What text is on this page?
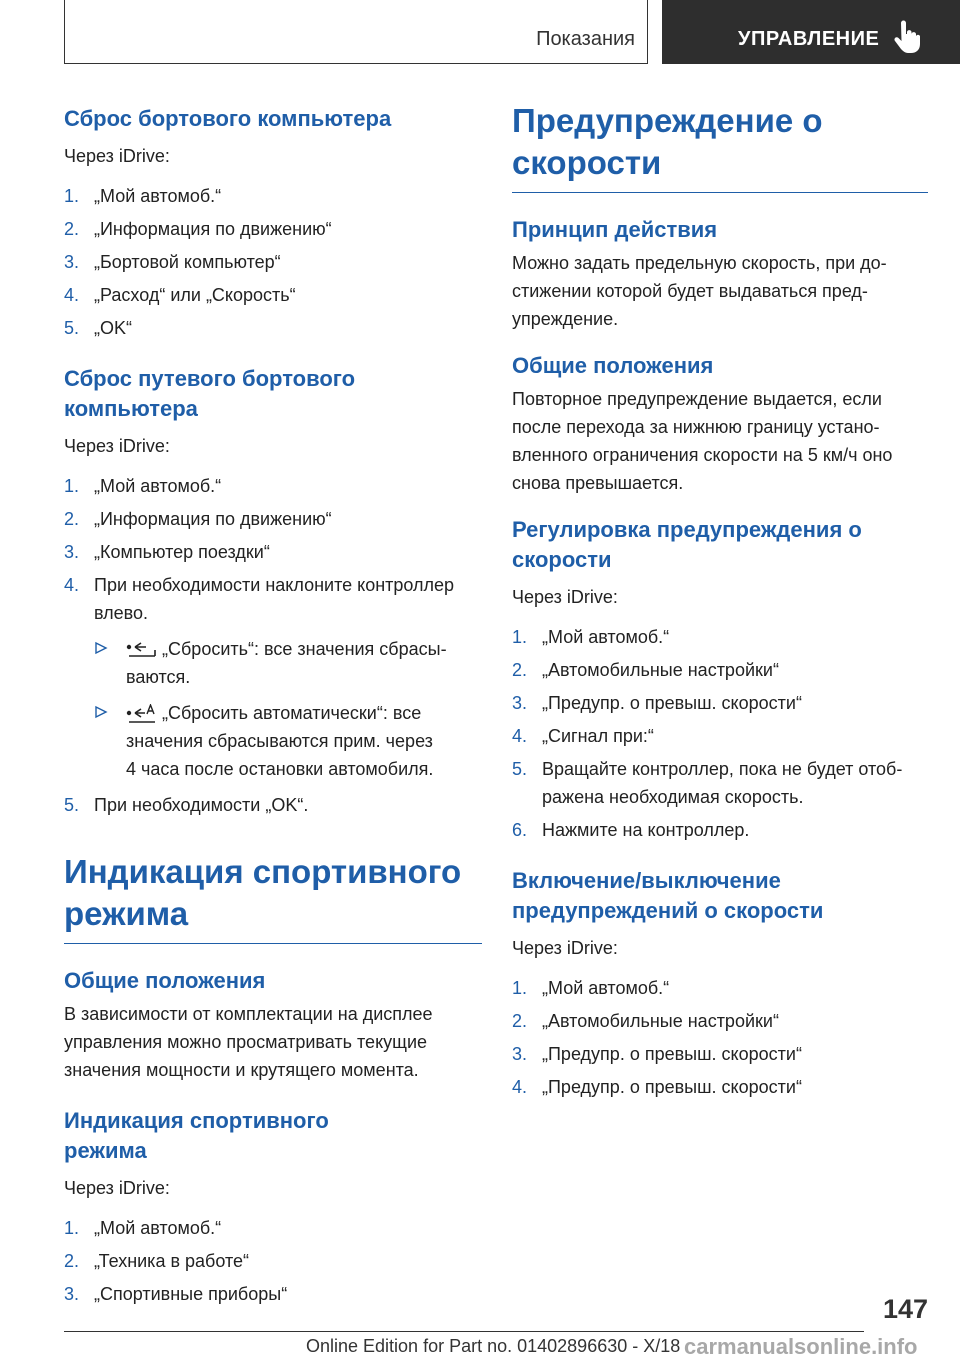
Показания	УПРАВЛЕНИЕ
Сброс бортового компьютера

Через iDrive:

1. „Мой автомоб.“
2. „Информация по движению“
3. „Бортовой компьютер“
4. „Расход“ или „Скорость“
5. „OK“
Сброс путевого бортового
компьютера

Через iDrive:

1. „Мой автомоб.“
2. „Информация по движению“
3. „Компьютер поездки“
4. При необходимости наклоните контроллер
влево.
„Сбросить“: все значения сбрасы-
ваются.
„Сбросить автоматически“: все
значения сбрасываются прим. через
4 часа после остановки автомобиля.
5. При необходимости „OK“.
Индикация спортивного
режима
Общие положения

В зависимости от комплектации на дисплее
управления можно просматривать текущие
значения мощности и крутящего момента.

Индикация спортивного
режима

Через iDrive:

1. „Мой автомоб.“
2. „Техника в работе“
3. „Спортивные приборы“
Предупреждение о
скорости
Принцип действия

Можно задать предельную скорость, при до-
стижении которой будет выдаваться пред-
упреждение.

Общие положения

Повторное предупреждение выдается, если
после перехода за нижнюю границу устано-
вленного ограничения скорости на 5 км/ч оно
снова превышается.

Регулировка предупреждения о
скорости

Через iDrive:

1. „Мой автомоб.“
2. „Автомобильные настройки“
3. „Предупр. о превыш. скорости“
4. „Сигнал при:“
5. Вращайте контроллер, пока не будет отоб-
ражена необходимая скорость.
6. Нажмите на контроллер.
Включение/выключение
предупреждений о скорости

Через iDrive:

1. „Мой автомоб.“
2. „Автомобильные настройки“
3. „Предупр. о превыш. скорости“
4. „Предупр. о превыш. скорости“
147
Online Edition for Part no. 01402896630 - X/18 carmanualsonline.info
